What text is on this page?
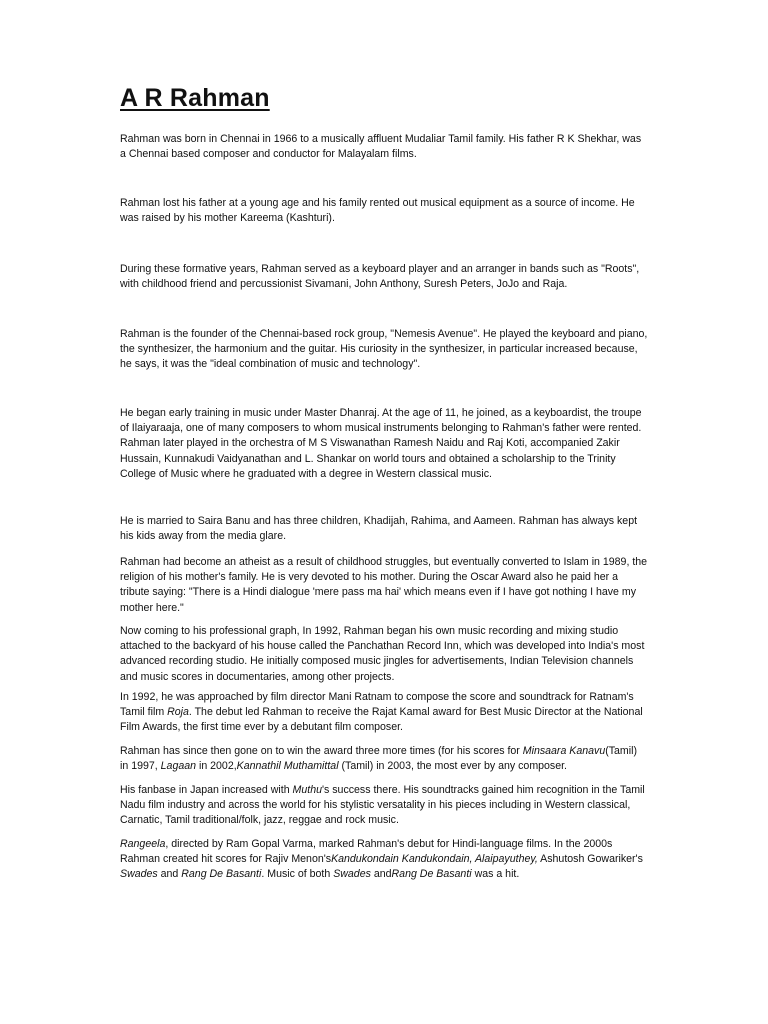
A R Rahman

Rahman was born in Chennai in 1966 to a musically affluent Mudaliar Tamil family. His father R K Shekhar, was a Chennai based composer and conductor for Malayalam films.

Rahman lost his father at a young age and his family rented out musical equipment as a source of income. He was raised by his mother Kareema (Kashturi).

During these formative years, Rahman served as a keyboard player and an arranger in bands such as "Roots", with childhood friend and percussionist Sivamani, John Anthony, Suresh Peters, JoJo and Raja.

Rahman is the founder of the Chennai-based rock group, "Nemesis Avenue". He played the keyboard and piano, the synthesizer, the harmonium and the guitar. His curiosity in the synthesizer, in particular increased because, he says, it was the "ideal combination of music and technology".

He began early training in music under Master Dhanraj. At the age of 11, he joined, as a keyboardist, the troupe of Ilaiyaraaja, one of many composers to whom musical instruments belonging to Rahman's father were rented. Rahman later played in the orchestra of M S Viswanathan Ramesh Naidu and Raj Koti, accompanied Zakir Hussain, Kunnakudi Vaidyanathan and L. Shankar on world tours and obtained a scholarship to the Trinity College of Music where he graduated with a degree in Western classical music.

He is married to Saira Banu and has three children, Khadijah, Rahima, and Aameen. Rahman has always kept his kids away from the media glare.

Rahman had become an atheist as a result of childhood struggles, but eventually converted to Islam in 1989, the religion of his mother's family. He is very devoted to his mother. During the Oscar Award also he paid her a tribute saying: "There is a Hindi dialogue 'mere pass ma hai' which means even if I have got nothing I have my mother here."

Now coming to his professional graph, In 1992, Rahman began his own music recording and mixing studio attached to the backyard of his house called the Panchathan Record Inn, which was developed into India's most advanced recording studio. He initially composed music jingles for advertisements, Indian Television channels and music scores in documentaries, among other projects.

In 1992, he was approached by film director Mani Ratnam to compose the score and soundtrack for Ratnam's Tamil film Roja. The debut led Rahman to receive the Rajat Kamal award for Best Music Director at the National Film Awards, the first time ever by a debutant film composer.

Rahman has since then gone on to win the award three more times (for his scores for Minsaara Kanavu(Tamil) in 1997, Lagaan in 2002,Kannathil Muthamittal (Tamil) in 2003, the most ever by any composer.

His fanbase in Japan increased with Muthu's success there. His soundtracks gained him recognition in the Tamil Nadu film industry and across the world for his stylistic versatality in his pieces including in Western classical, Carnatic, Tamil traditional/folk, jazz, reggae and rock music.

Rangeela, directed by Ram Gopal Varma, marked Rahman's debut for Hindi-language films. In the 2000s Rahman created hit scores for Rajiv Menon'sKandukondain Kandukondain, Alaipayuthey, Ashutosh Gowariker's Swades and Rang De Basanti. Music of both Swades andRang De Basanti was a hit.
